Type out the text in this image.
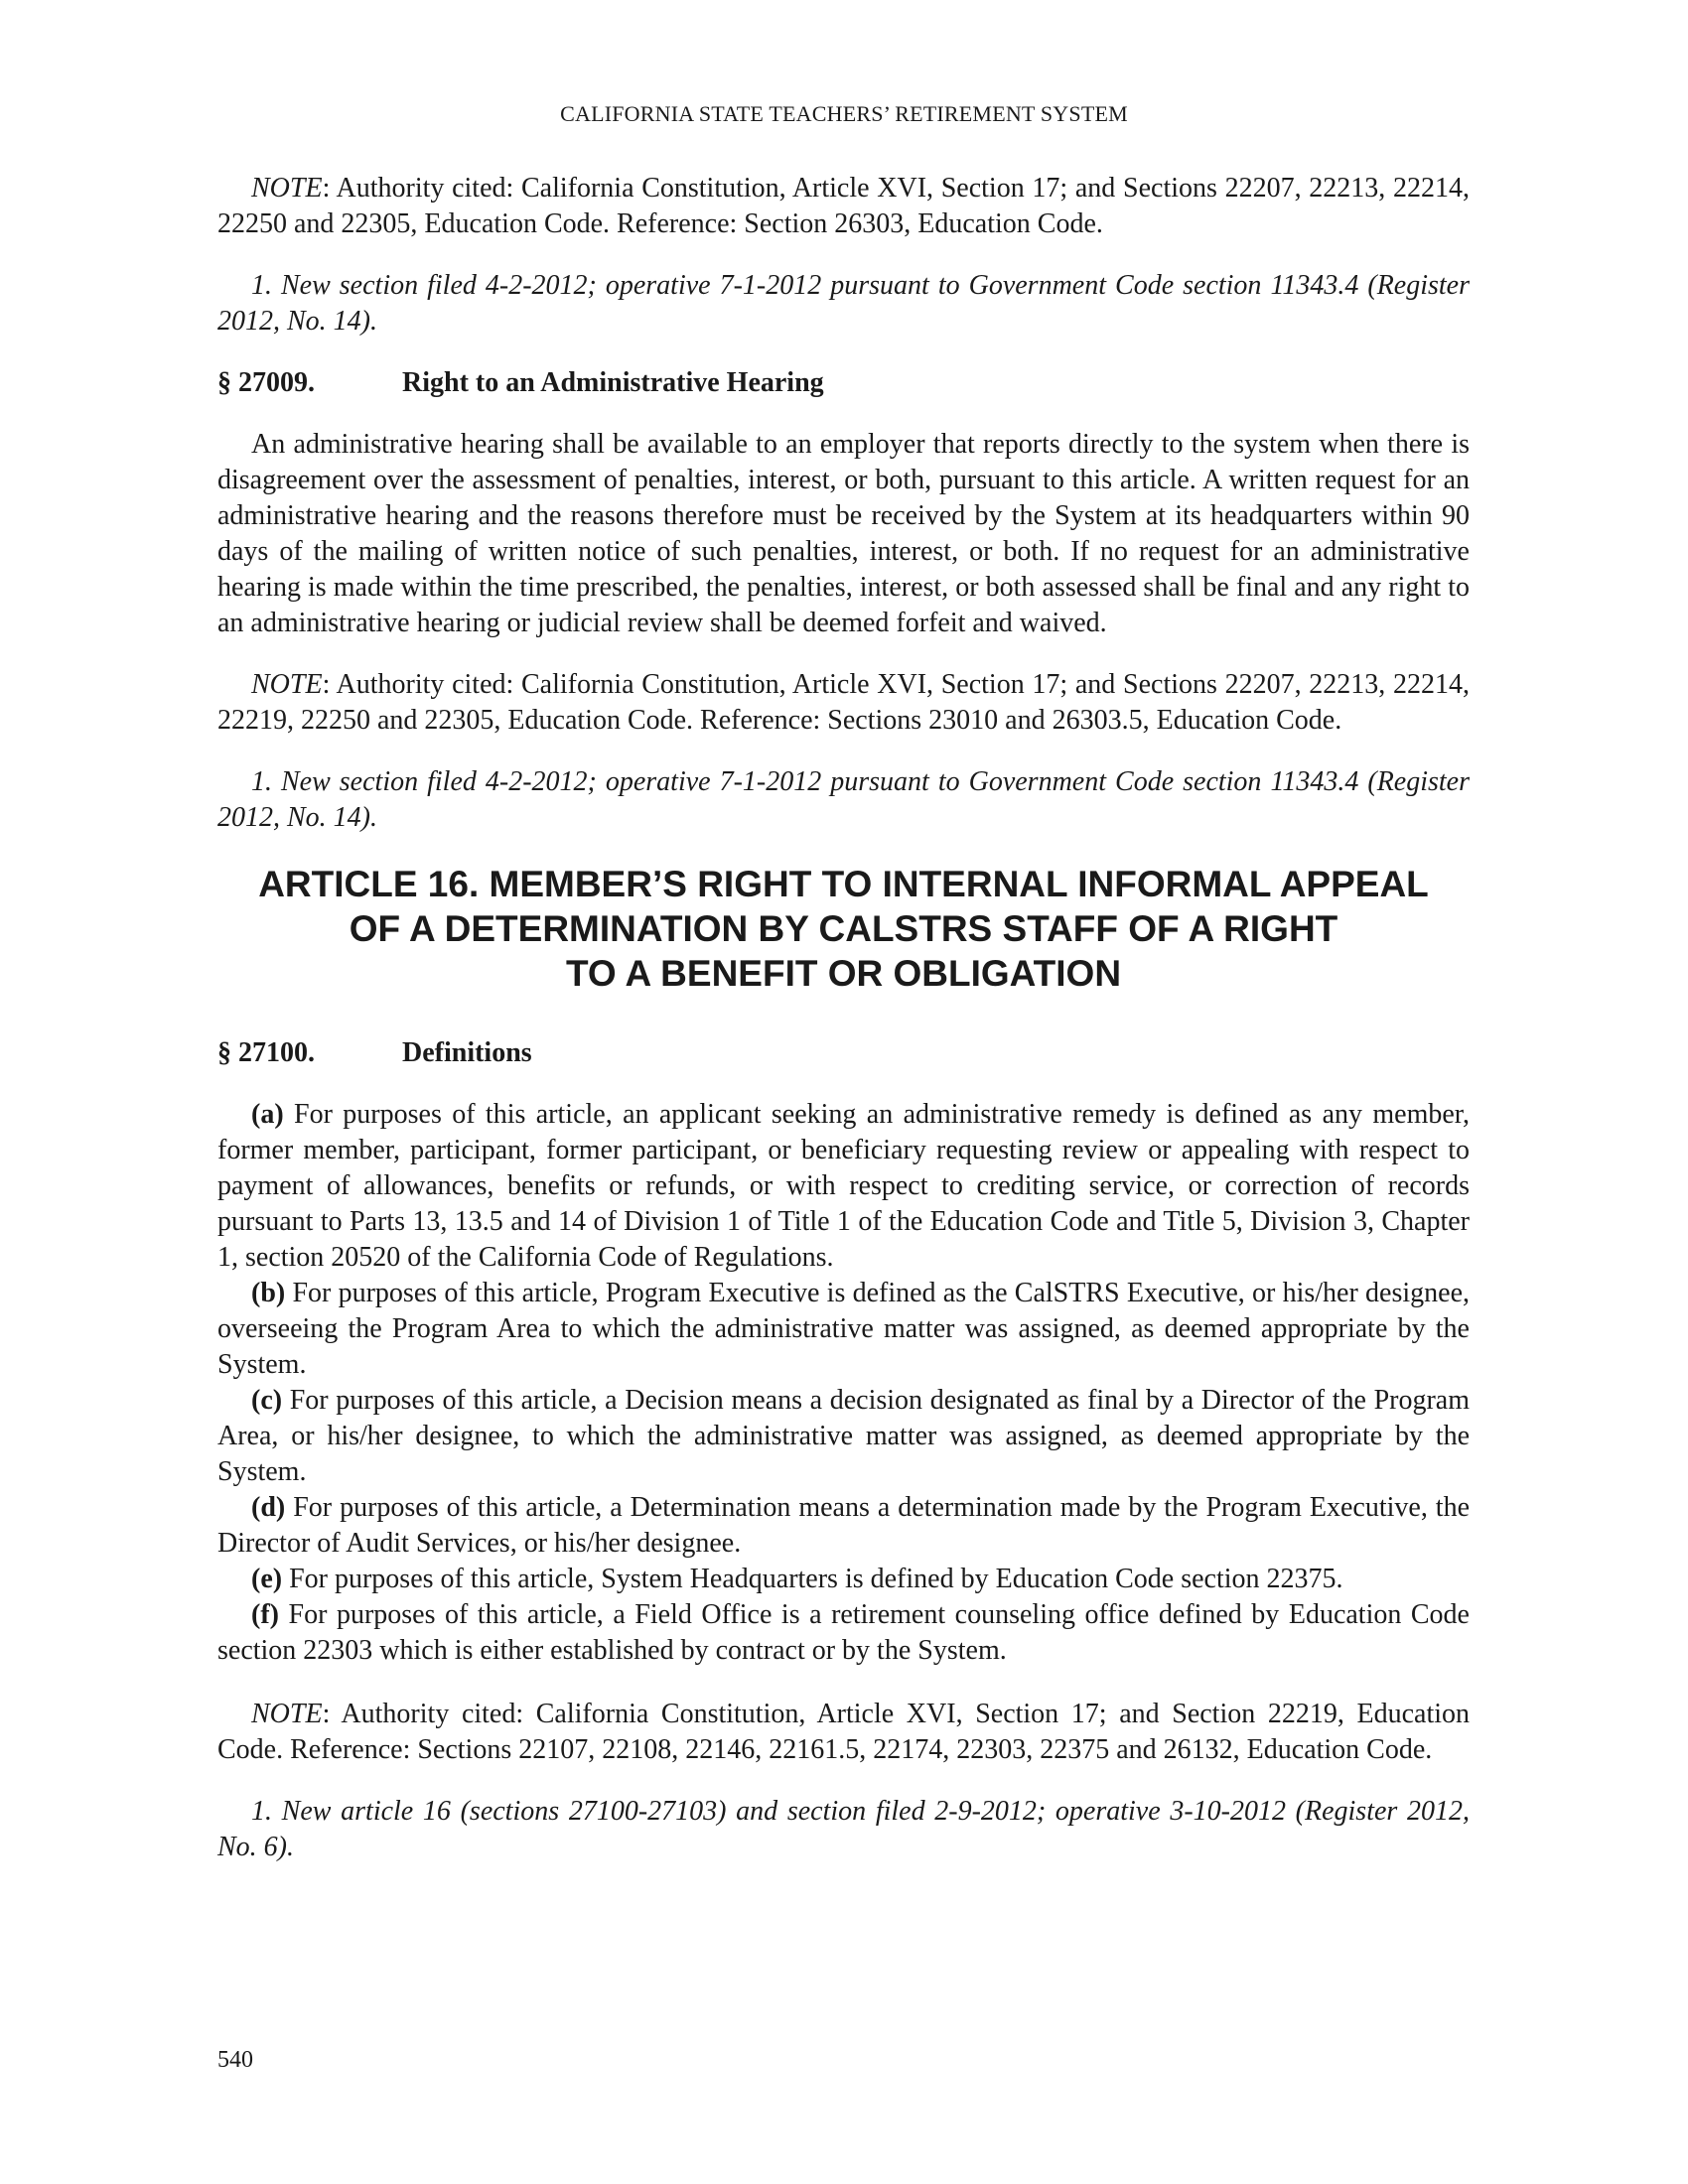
CALIFORNIA STATE TEACHERS’ RETIREMENT SYSTEM

NOTE: Authority cited: California Constitution, Article XVI, Section 17; and Sections 22207, 22213, 22214, 22250 and 22305, Education Code. Reference: Section 26303, Education Code.

1. New section filed 4-2-2012; operative 7-1-2012 pursuant to Government Code section 11343.4 (Register 2012, No. 14).

§ 27009.	Right to an Administrative Hearing

An administrative hearing shall be available to an employer that reports directly to the system when there is disagreement over the assessment of penalties, interest, or both, pursuant to this article. A written request for an administrative hearing and the reasons therefore must be received by the System at its headquarters within 90 days of the mailing of written notice of such penalties, interest, or both. If no request for an administrative hearing is made within the time prescribed, the penalties, interest, or both assessed shall be final and any right to an administrative hearing or judicial review shall be deemed forfeit and waived.

NOTE: Authority cited: California Constitution, Article XVI, Section 17; and Sections 22207, 22213, 22214, 22219, 22250 and 22305, Education Code. Reference: Sections 23010 and 26303.5, Education Code.

1. New section filed 4-2-2012; operative 7-1-2012 pursuant to Government Code section 11343.4 (Register 2012, No. 14).

ARTICLE 16. MEMBER’S RIGHT TO INTERNAL INFORMAL APPEAL
OF A DETERMINATION BY CALSTRS STAFF OF A RIGHT
TO A BENEFIT OR OBLIGATION
§ 27100.	Definitions

(a) For purposes of this article, an applicant seeking an administrative remedy is defined as any member, former member, participant, former participant, or beneficiary requesting review or appealing with respect to payment of allowances, benefits or refunds, or with respect to crediting service, or correction of records pursuant to Parts 13, 13.5 and 14 of Division 1 of Title 1 of the Education Code and Title 5, Division 3, Chapter 1, section 20520 of the California Code of Regulations.

(b) For purposes of this article, Program Executive is defined as the CalSTRS Executive, or his/her designee, overseeing the Program Area to which the administrative matter was assigned, as deemed appropriate by the System.

(c) For purposes of this article, a Decision means a decision designated as final by a Director of the Program Area, or his/her designee, to which the administrative matter was assigned, as deemed appropriate by the System.

(d) For purposes of this article, a Determination means a determination made by the Program Executive, the Director of Audit Services, or his/her designee.

(e) For purposes of this article, System Headquarters is defined by Education Code section 22375.

(f) For purposes of this article, a Field Office is a retirement counseling office defined by Education Code section 22303 which is either established by contract or by the System.

NOTE: Authority cited: California Constitution, Article XVI, Section 17; and Section 22219, Education Code. Reference: Sections 22107, 22108, 22146, 22161.5, 22174, 22303, 22375 and 26132, Education Code.

1. New article 16 (sections 27100-27103) and section filed 2-9-2012; operative 3-10-2012 (Register 2012, No. 6).

540
